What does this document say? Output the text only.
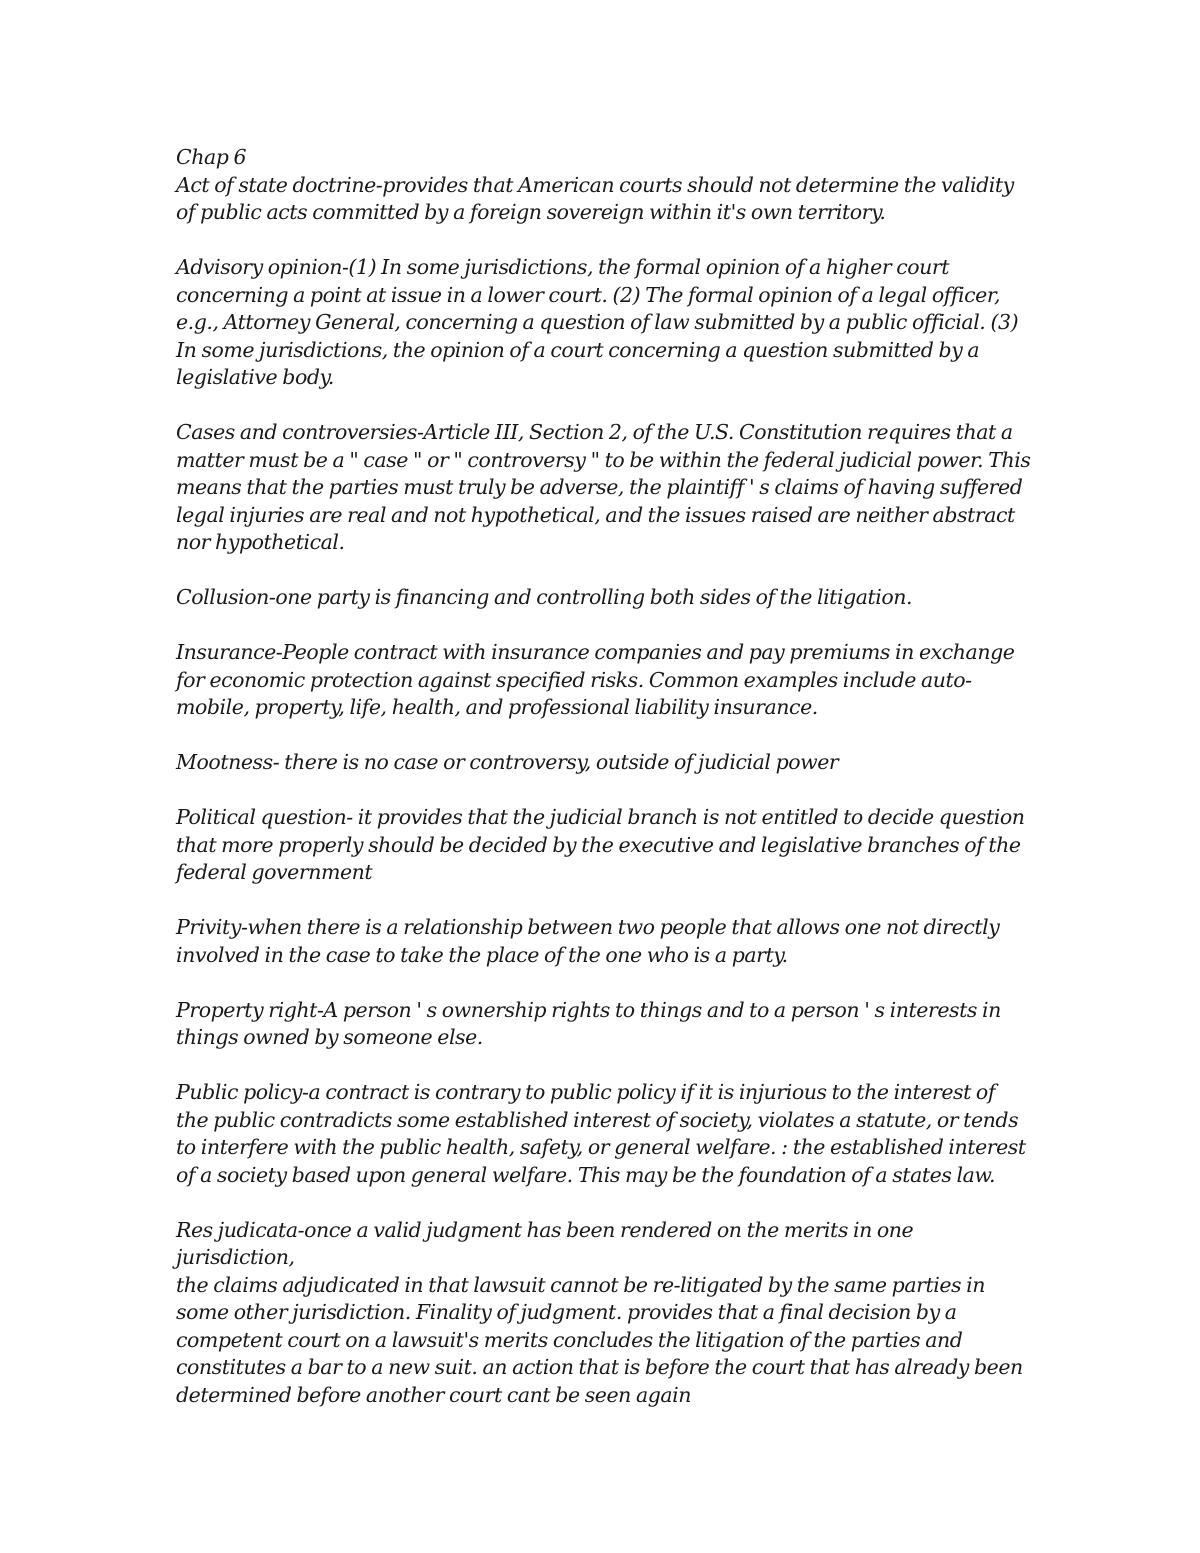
Chap 6

Act of state doctrine-provides that American courts should not determine the validity
of public acts committed by a foreign sovereign within it's own territory.

Advisory opinion-(1) In some jurisdictions, the formal opinion of a higher court
concerning a point at issue in a lower court. (2) The formal opinion of a legal officer,
e.g., Attorney General, concerning a question of law submitted by a public official. (3)
In some jurisdictions, the opinion of a court concerning a question submitted by a
legislative body.

Cases and controversies-Article III, Section 2, of the U.S. Constitution requires that a
matter must be a " case " or " controversy " to be within the federal judicial power. This
means that the parties must truly be adverse, the plaintiff ' s claims of having suffered
legal injuries are real and not hypothetical, and the issues raised are neither abstract
nor hypothetical.

Collusion-one party is financing and controlling both sides of the litigation.

Insurance-People contract with insurance companies and pay premiums in exchange
for economic protection against specified risks. Common examples include auto-
mobile, property, life, health, and professional liability insurance.

Mootness- there is no case or controversy, outside of judicial power

Political question- it provides that the judicial branch is not entitled to decide question
that more properly should be decided by the executive and legislative branches of the
federal government

Privity-when there is a relationship between two people that allows one not directly
involved in the case to take the place of the one who is a party.

Property right-A person ' s ownership rights to things and to a person ' s interests in
things owned by someone else.

Public policy-a contract is contrary to public policy if it is injurious to the interest of
the public contradicts some established interest of society, violates a statute, or tends
to interfere with the public health, safety, or general welfare. : the established interest
of a society based upon general welfare. This may be the foundation of a states law.

Res judicata-once a valid judgment has been rendered on the merits in one jurisdiction,
the claims adjudicated in that lawsuit cannot be re-litigated by the same parties in
some other jurisdiction. Finality of judgment. provides that a final decision by a
competent court on a lawsuit's merits concludes the litigation of the parties and
constitutes a bar to a new suit. an action that is before the court that has already been
determined before another court cant be seen again
